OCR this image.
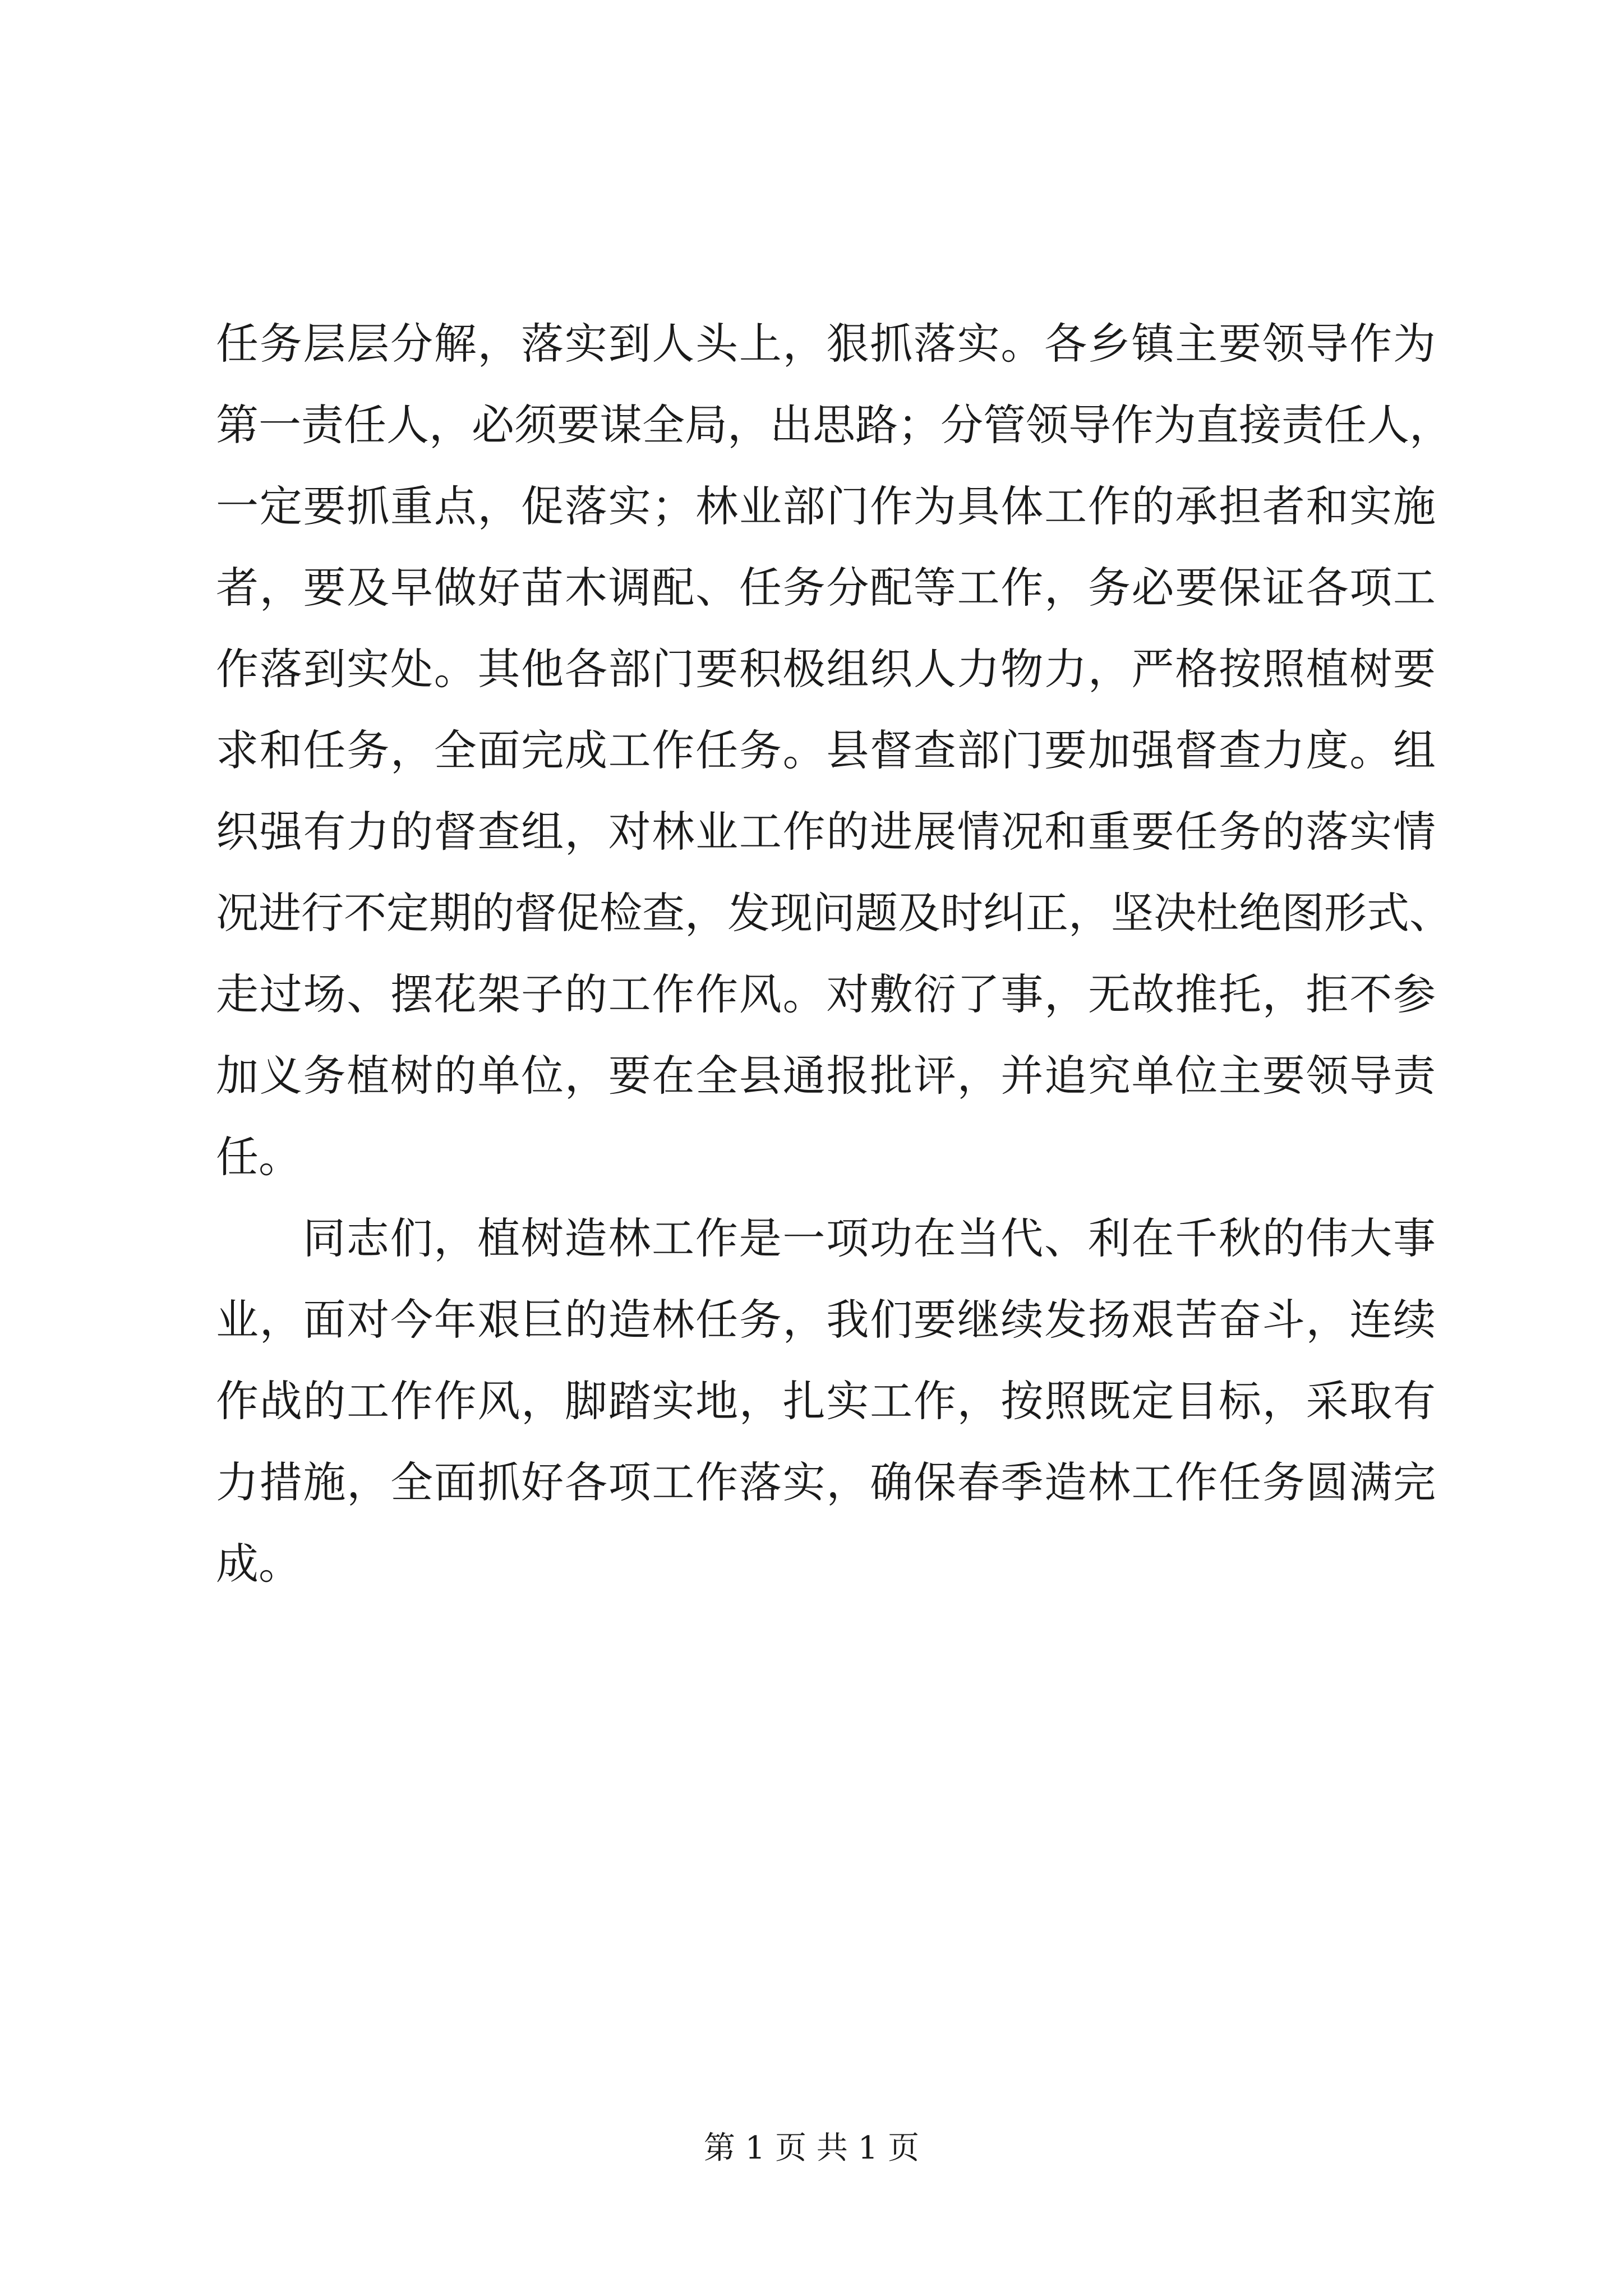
任务层层分解，落实到人头上，狠抓落实。各乡镇主要领导作为
第一责任人，必须要谋全局，出思路；分管领导作为直接责任人，
一定要抓重点，促落实；林业部门作为具体工作的承担者和实施
者，要及早做好苗木调配、任务分配等工作，务必要保证各项工
作落到实处。其他各部门要积极组织人力物力，严格按照植树要
求和任务，全面完成工作任务。县督查部门要加强督查力度。组
织强有力的督查组，对林业工作的进展情况和重要任务的落实情
况进行不定期的督促检查，发现问题及时纠正，坚决杜绝图形式、
走过场、摆花架子的工作作风。对敷衍了事，无故推托，拒不参
加义务植树的单位，要在全县通报批评，并追究单位主要领导责
任。
同志们，植树造林工作是一项功在当代、利在千秋的伟大事
业，面对今年艰巨的造林任务，我们要继续发扬艰苦奋斗，连续
作战的工作作风，脚踏实地，扎实工作，按照既定目标，采取有
力措施，全面抓好各项工作落实，确保春季造林工作任务圆满完
成。
第 1 页 共 1 页
